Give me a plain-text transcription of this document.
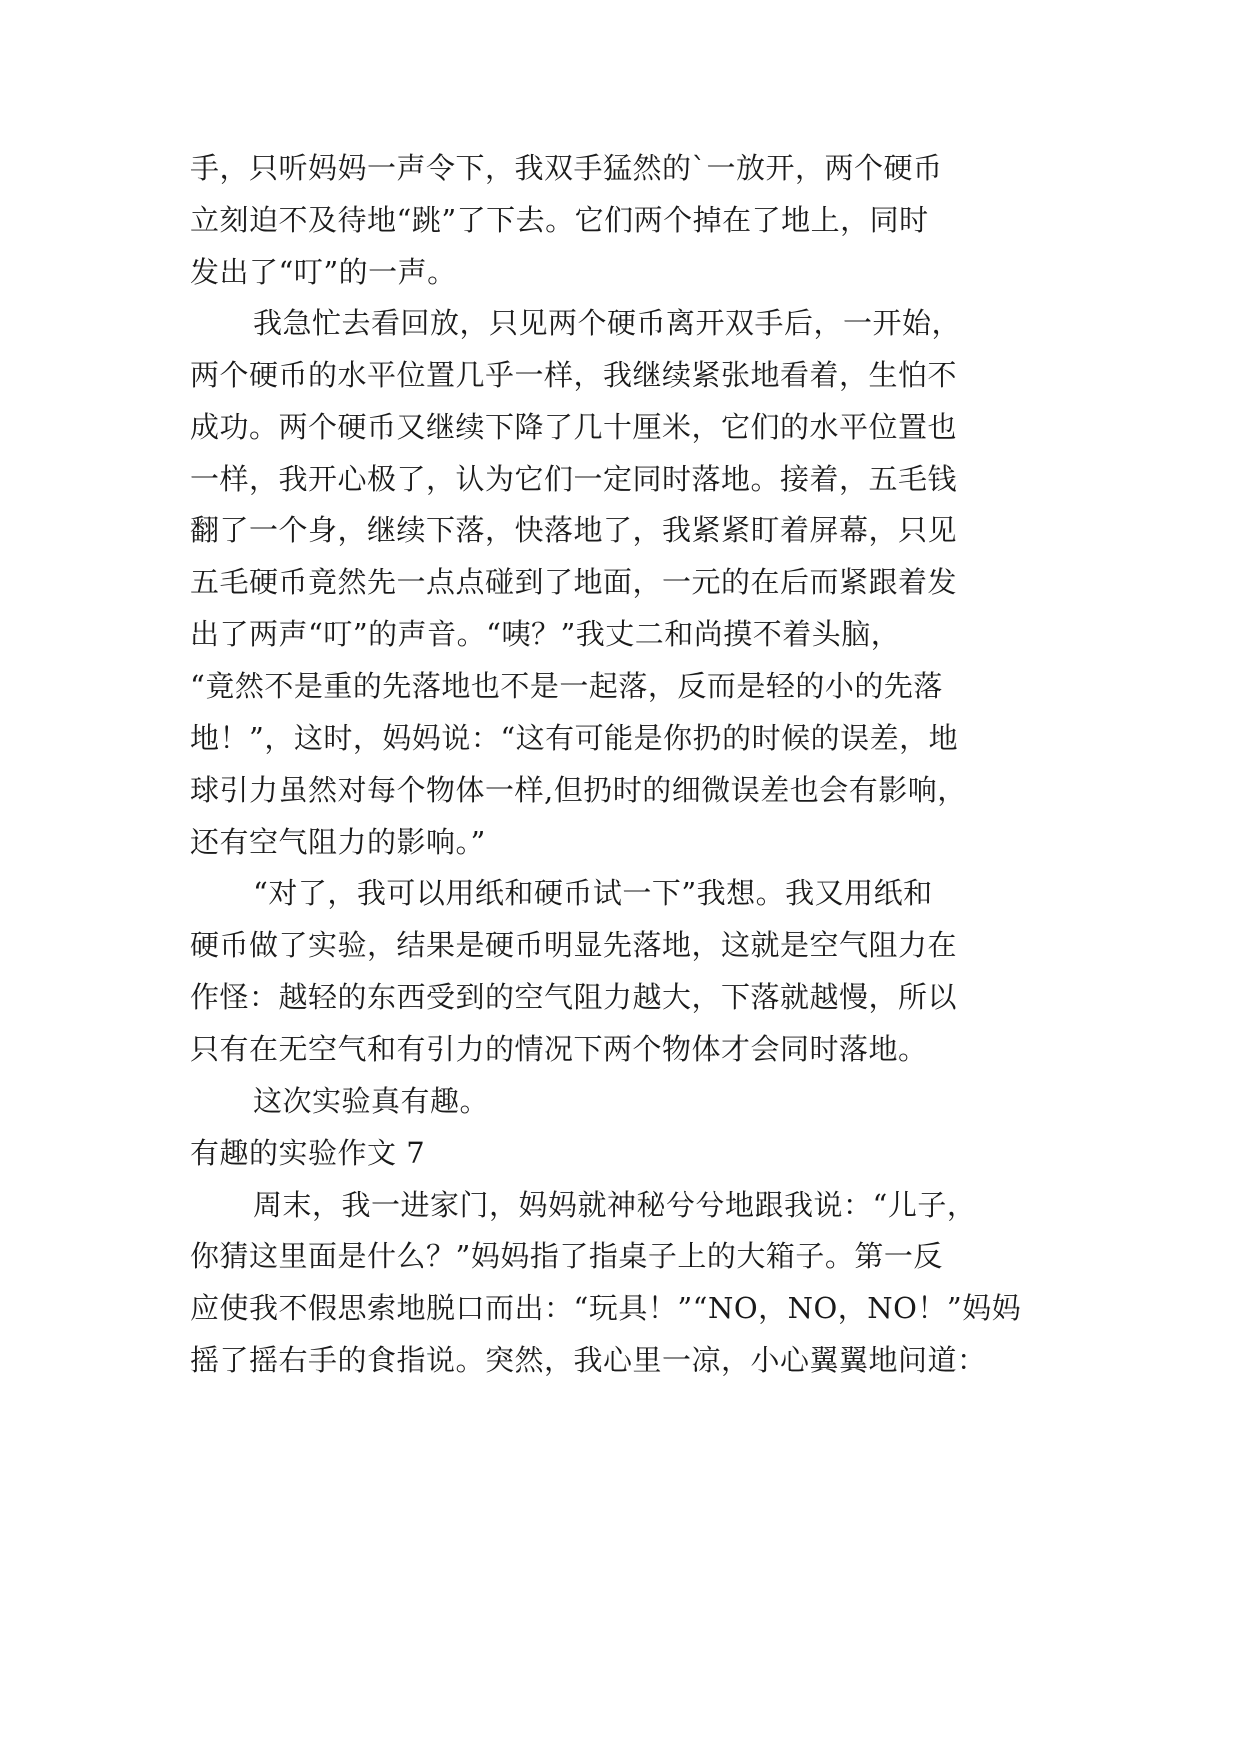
手，只听妈妈一声令下，我双手猛然的`一放开，两个硬币
立刻迫不及待地“跳”了下去。它们两个掉在了地上，同时
发出了“叮”的一声。
我急忙去看回放，只见两个硬币离开双手后，一开始，
两个硬币的水平位置几乎一样，我继续紧张地看着，生怕不
成功。两个硬币又继续下降了几十厘米，它们的水平位置也
一样，我开心极了，认为它们一定同时落地。接着，五毛钱
翻了一个身，继续下落，快落地了，我紧紧盯着屏幕，只见
五毛硬币竟然先一点点碰到了地面，一元的在后而紧跟着发
出了两声“叮”的声音。“咦？”我丈二和尚摸不着头脑，
“竟然不是重的先落地也不是一起落，反而是轻的小的先落
地！”，这时，妈妈说：“这有可能是你扔的时候的误差，地
球引力虽然对每个物体一样,但扔时的细微误差也会有影响，
还有空气阻力的影响。”
“对了，我可以用纸和硬币试一下”我想。我又用纸和
硬币做了实验，结果是硬币明显先落地，这就是空气阻力在
作怪：越轻的东西受到的空气阻力越大，下落就越慢，所以
只有在无空气和有引力的情况下两个物体才会同时落地。
这次实验真有趣。
有趣的实验作文 7
周末，我一进家门，妈妈就神秘兮兮地跟我说：“儿子，
你猜这里面是什么？”妈妈指了指桌子上的大箱子。第一反
应使我不假思索地脱口而出：“玩具！”“NO，NO，NO！”妈妈
摇了摇右手的食指说。突然，我心里一凉，小心翼翼地问道：
